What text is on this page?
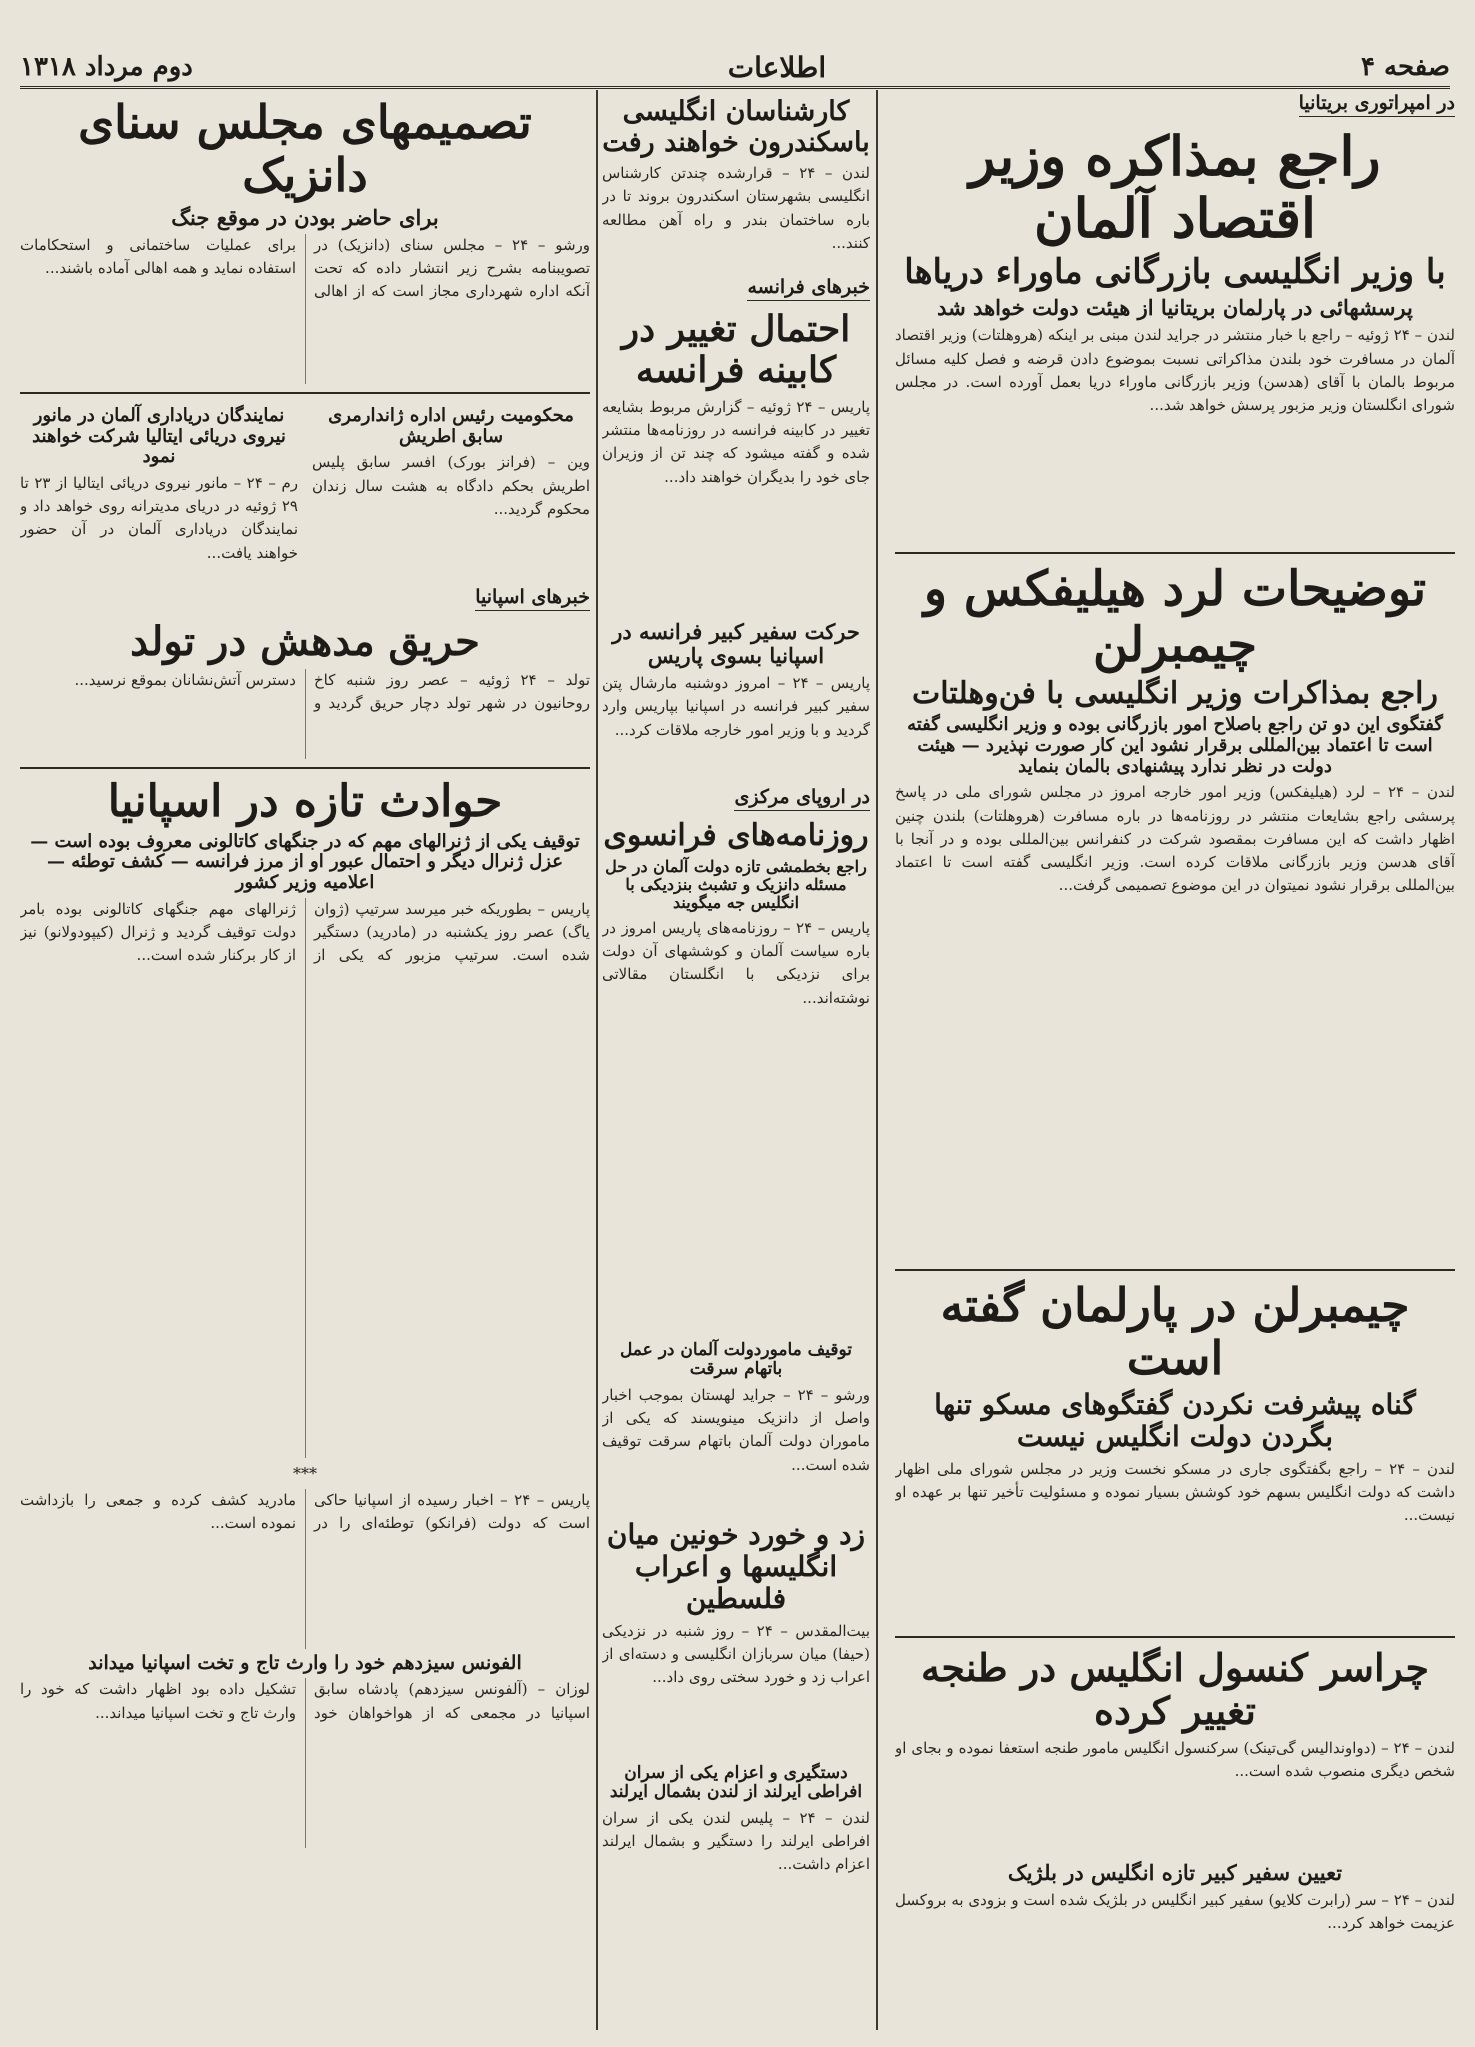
صفحه ۴
اطلاعات
دوم مرداد ۱۳۱۸
در امپراتوری بریتانیا
راجع بمذاکره وزیر اقتصاد آلمان
با وزیر انگلیسی بازرگانی ماوراء دریاها
پرسشهائی در پارلمان بریتانیا از هیئت دولت خواهد شد
لندن – ۲۴ ژوئیه – راجع با خبار منتشر در جراید لندن مبنی بر اینکه (هروهلتات) وزیر اقتصاد آلمان در مسافرت خود بلندن مذاکراتی نسبت بموضوع دادن قرضه و فصل کلیه مسائل مربوط بالمان با آقای (هدسن) وزیر بازرگانی ماوراء دریا بعمل آورده است. در مجلس شورای انگلستان وزیر مزبور پرسش خواهد شد...
توضیحات لرد هیلیفکس و چیمبرلن
راجع بمذاکرات وزیر انگلیسی با فن‌وهلتات
گفتگوی این دو تن راجع باصلاح امور بازرگانی بوده و وزیر انگلیسی گفته است تا اعتماد بین‌المللی برقرار نشود این کار صورت نپذیرد — هیئت دولت در نظر ندارد پیشنهادی بالمان بنماید
لندن – ۲۴ – لرد (هیلیفکس) وزیر امور خارجه امروز در مجلس شورای ملی در پاسخ پرسشی راجع بشایعات منتشر در روزنامه‌ها در باره مسافرت (هروهلتات) بلندن چنین اظهار داشت که این مسافرت بمقصود شرکت در کنفرانس بین‌المللی بوده و در آنجا با آقای هدسن وزیر بازرگانی ملاقات کرده است. وزیر انگلیسی گفته است تا اعتماد بین‌المللی برقرار نشود نمیتوان در این موضوع تصمیمی گرفت...
چیمبرلن در پارلمان گفته است
گناه پیشرفت نکردن گفتگوهای مسکو تنها بگردن دولت انگلیس نیست
لندن – ۲۴ – راجع بگفتگوی جاری در مسکو نخست وزیر در مجلس شورای ملی اظهار داشت که دولت انگلیس بسهم خود کوشش بسیار نموده و مسئولیت تأخیر تنها بر عهده او نیست...
چراسر کنسول انگلیس در طنجه تغییر کرده
لندن – ۲۴ – (دواوندالیس گی‌تینک) سرکنسول انگلیس مامور طنجه استعفا نموده و بجای او شخص دیگری منصوب شده است...
تعیین سفیر کبیر تازه انگلیس در بلژیک
لندن – ۲۴ – سر (رابرت کلایو) سفیر کبیر انگلیس در بلژیک شده است و بزودی به بروکسل عزیمت خواهد کرد...
کارشناسان انگلیسی باسکندرون خواهند رفت
لندن – ۲۴ – قرارشده چندتن کارشناس انگلیسی بشهرستان اسکندرون بروند تا در باره ساختمان بندر و راه آهن مطالعه کنند...
خبرهای فرانسه
احتمال تغییر در کابینه فرانسه
پاریس – ۲۴ ژوئیه – گزارش مربوط بشایعه تغییر در کابینه فرانسه در روزنامه‌ها منتشر شده و گفته میشود که چند تن از وزیران جای خود را بدیگران خواهند داد...
حرکت سفیر کبیر فرانسه در اسپانیا بسوی پاریس
پاریس – ۲۴ – امروز دوشنبه مارشال پتن سفیر کبیر فرانسه در اسپانیا بپاریس وارد گردید و با وزیر امور خارجه ملاقات کرد...
در اروپای مرکزی
روزنامه‌های فرانسوی
راجع بخطمشی تازه دولت آلمان در حل مسئله دانزیک و تشبث بنزدیکی با انگلیس جه میگویند
پاریس – ۲۴ – روزنامه‌های پاریس امروز در باره سیاست آلمان و کوششهای آن دولت برای نزدیکی با انگلستان مقالاتی نوشته‌اند...
توقیف ماموردولت آلمان در عمل باتهام سرقت
ورشو – ۲۴ – جراید لهستان بموجب اخبار واصل از دانزیک مینویسند که یکی از ماموران دولت آلمان باتهام سرقت توقیف شده است...
تصمیمهای مجلس سنای دانزیک
برای حاضر بودن در موقع جنگ
ورشو – ۲۴ – مجلس سنای (دانزیک) در تصویبنامه بشرح زیر انتشار داده که تحت آنکه اداره شهرداری مجاز است که از اهالی برای عملیات ساختمانی و استحکامات استفاده نماید و همه اهالی آماده باشند...
محکومیت رئیس اداره ژاندارمری سابق اطریش
وین – (فرانز بورک) افسر سابق پلیس اطریش بحکم دادگاه به هشت سال زندان محکوم گردید...
نمایندگان دریاداری آلمان در مانور نیروی دریائی ایتالیا شرکت خواهند نمود
رم – ۲۴ – مانور نیروی دریائی ایتالیا از ۲۳ تا ۲۹ ژوئیه در دریای مدیترانه روی خواهد داد و نمایندگان دریاداری آلمان در آن حضور خواهند یافت...
خبرهای اسپانیا
حریق مدهش در تولد
تولد – ۲۴ ژوئیه – عصر روز شنبه کاخ روحانیون در شهر تولد دچار حریق گردید و دسترس آتش‌نشانان بموقع نرسید...
حوادث تازه در اسپانیا
توقیف یکی از ژنرالهای مهم که در جنگهای کاتالونی معروف بوده است — عزل ژنرال دیگر و احتمال عبور او از مرز فرانسه — کشف توطئه — اعلامیه وزیر کشور
پاریس – بطوریکه خبر میرسد سرتیپ (ژوان یاگ) عصر روز یکشنبه در (مادرید) دستگیر شده است. سرتیپ مزبور که یکی از ژنرالهای مهم جنگهای کاتالونی بوده بامر دولت توقیف گردید و ژنرال (کیپودولانو) نیز از کار برکنار شده است...
***
پاریس – ۲۴ – اخبار رسیده از اسپانیا حاکی است که دولت (فرانکو) توطئه‌ای را در مادرید کشف کرده و جمعی را بازداشت نموده است...
الفونس سیزدهم خود را وارث تاج و تخت اسپانیا میداند
لوزان – (آلفونس سیزدهم) پادشاه سابق اسپانیا در مجمعی که از هواخواهان خود تشکیل داده بود اظهار داشت که خود را وارث تاج و تخت اسپانیا میداند...
زد و خورد خونین میان انگلیسها و اعراب فلسطین
بیت‌المقدس – ۲۴ – روز شنبه در نزدیکی (حیفا) میان سربازان انگلیسی و دسته‌ای از اعراب زد و خورد سختی روی داد...
دستگیری و اعزام یکی از سران افراطی ایرلند از لندن بشمال ایرلند
لندن – ۲۴ – پلیس لندن یکی از سران افراطی ایرلند را دستگیر و بشمال ایرلند اعزام داشت...
